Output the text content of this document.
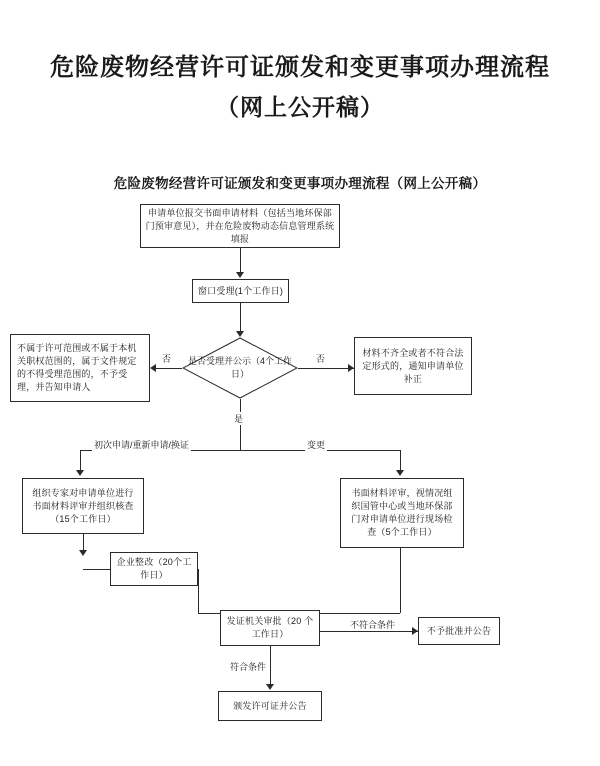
危险废物经营许可证颁发和变更事项办理流程
（网上公开稿）
危险废物经营许可证颁发和变更事项办理流程（网上公开稿）
申请单位报交书面申请材料（包括当地环保部门预审意见），并在危险废物动态信息管理系统填报
窗口受理(1个工作日)
是否受理并公示（4个工作日）
不属于许可范围或不属于本机关职权范围的，属于文件规定的不得受理范围的，不予受理，并告知申请人
否
材料不齐全或者不符合法定形式的，通知申请单位补正
否
是
初次申请/重新申请/换证	变更
组织专家对申请单位进行书面材料评审并组织核查（15个工作日）
书面材料评审，视情况组织国管中心或当地环保部门对申请单位进行现场检查（5个工作日）
企业整改（20个工作日）
发证机关审批（20 个工作日）
不符合条件
不予批准并公告
符合条件
颁发许可证并公告
